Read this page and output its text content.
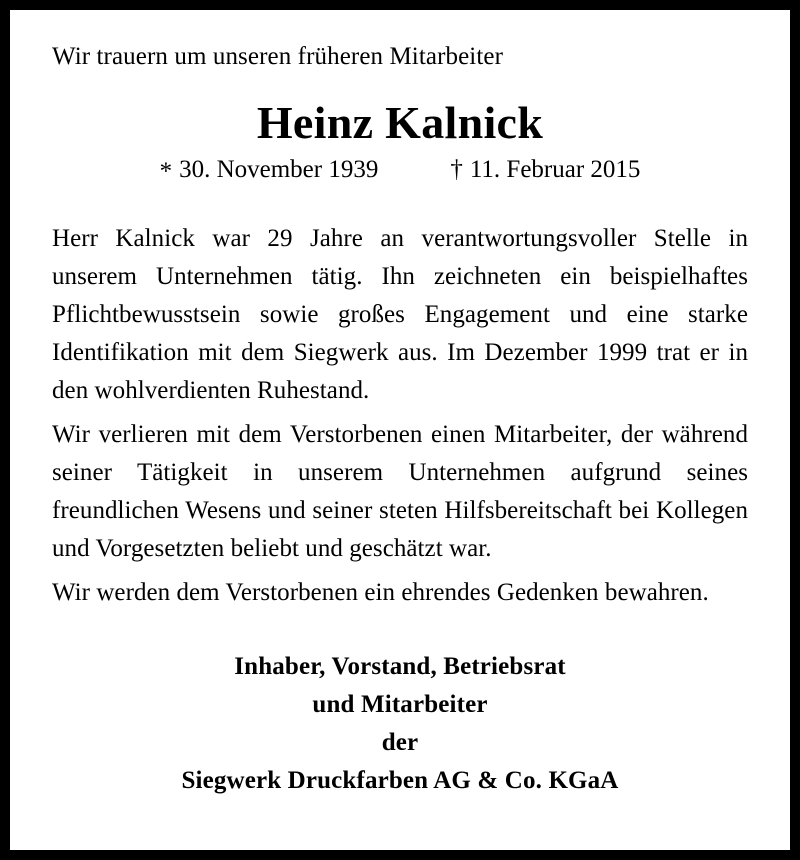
Wir trauern um unseren früheren Mitarbeiter

Heinz Kalnick
* 30. November 1939	† 11. Februar 2015

Herr Kalnick war 29 Jahre an verantwortungsvoller Stelle in unserem Unternehmen tätig. Ihn zeichneten ein beispielhaftes Pflichtbewusstsein sowie großes Engagement und eine starke Identifikation mit dem Siegwerk aus. Im Dezember 1999 trat er in den wohlverdienten Ruhestand.

Wir verlieren mit dem Verstorbenen einen Mitarbeiter, der während seiner Tätigkeit in unserem Unternehmen aufgrund seines freundlichen Wesens und seiner steten Hilfsbereitschaft bei Kollegen und Vorgesetzten beliebt und geschätzt war.

Wir werden dem Verstorbenen ein ehrendes Gedenken bewahren.

Inhaber, Vorstand, Betriebsrat
und Mitarbeiter
der
Siegwerk Druckfarben AG & Co. KGaA
